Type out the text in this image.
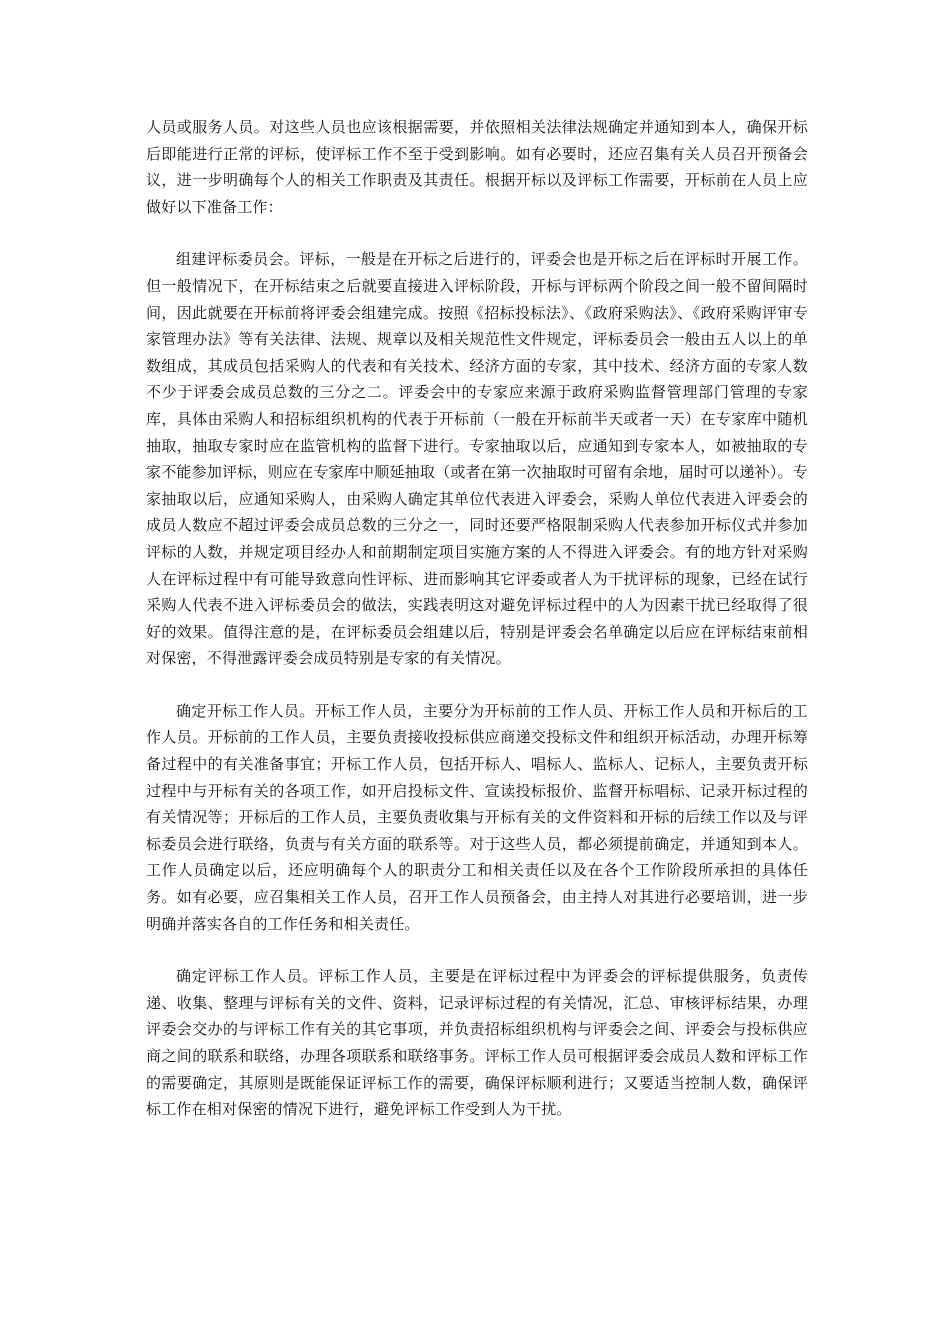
人员或服务人员。对这些人员也应该根据需要，并依照相关法律法规确定并通知到本人，确保开标后即能进行正常的评标，使评标工作不至于受到影响。如有必要时，还应召集有关人员召开预备会议，进一步明确每个人的相关工作职责及其责任。根据开标以及评标工作需要，开标前在人员上应做好以下准备工作：

组建评标委员会。评标，一般是在开标之后进行的，评委会也是开标之后在评标时开展工作。但一般情况下，在开标结束之后就要直接进入评标阶段，开标与评标两个阶段之间一般不留间隔时间，因此就要在开标前将评委会组建完成。按照《招标投标法》、《政府采购法》、《政府采购评审专家管理办法》等有关法律、法规、规章以及相关规范性文件规定，评标委员会一般由五人以上的单数组成，其成员包括采购人的代表和有关技术、经济方面的专家，其中技术、经济方面的专家人数不少于评委会成员总数的三分之二。评委会中的专家应来源于政府采购监督管理部门管理的专家库，具体由采购人和招标组织机构的代表于开标前（一般在开标前半天或者一天）在专家库中随机抽取，抽取专家时应在监管机构的监督下进行。专家抽取以后，应通知到专家本人，如被抽取的专家不能参加评标，则应在专家库中顺延抽取（或者在第一次抽取时可留有余地，届时可以递补）。专家抽取以后，应通知采购人，由采购人确定其单位代表进入评委会，采购人单位代表进入评委会的成员人数应不超过评委会成员总数的三分之一，同时还要严格限制采购人代表参加开标仪式并参加评标的人数，并规定项目经办人和前期制定项目实施方案的人不得进入评委会。有的地方针对采购人在评标过程中有可能导致意向性评标、进而影响其它评委或者人为干扰评标的现象，已经在试行采购人代表不进入评标委员会的做法，实践表明这对避免评标过程中的人为因素干扰已经取得了很好的效果。值得注意的是，在评标委员会组建以后，特别是评委会名单确定以后应在评标结束前相对保密，不得泄露评委会成员特别是专家的有关情况。

确定开标工作人员。开标工作人员，主要分为开标前的工作人员、开标工作人员和开标后的工作人员。开标前的工作人员，主要负责接收投标供应商递交投标文件和组织开标活动，办理开标筹备过程中的有关准备事宜；开标工作人员，包括开标人、唱标人、监标人、记标人，主要负责开标过程中与开标有关的各项工作，如开启投标文件、宣读投标报价、监督开标唱标、记录开标过程的有关情况等；开标后的工作人员，主要负责收集与开标有关的文件资料和开标的后续工作以及与评标委员会进行联络，负责与有关方面的联系等。对于这些人员，都必须提前确定，并通知到本人。工作人员确定以后，还应明确每个人的职责分工和相关责任以及在各个工作阶段所承担的具体任务。如有必要，应召集相关工作人员，召开工作人员预备会，由主持人对其进行必要培训，进一步明确并落实各自的工作任务和相关责任。

确定评标工作人员。评标工作人员，主要是在评标过程中为评委会的评标提供服务，负责传递、收集、整理与评标有关的文件、资料，记录评标过程的有关情况，汇总、审核评标结果，办理评委会交办的与评标工作有关的其它事项，并负责招标组织机构与评委会之间、评委会与投标供应商之间的联系和联络，办理各项联系和联络事务。评标工作人员可根据评委会成员人数和评标工作的需要确定，其原则是既能保证评标工作的需要，确保评标顺利进行；又要适当控制人数，确保评标工作在相对保密的情况下进行，避免评标工作受到人为干扰。
